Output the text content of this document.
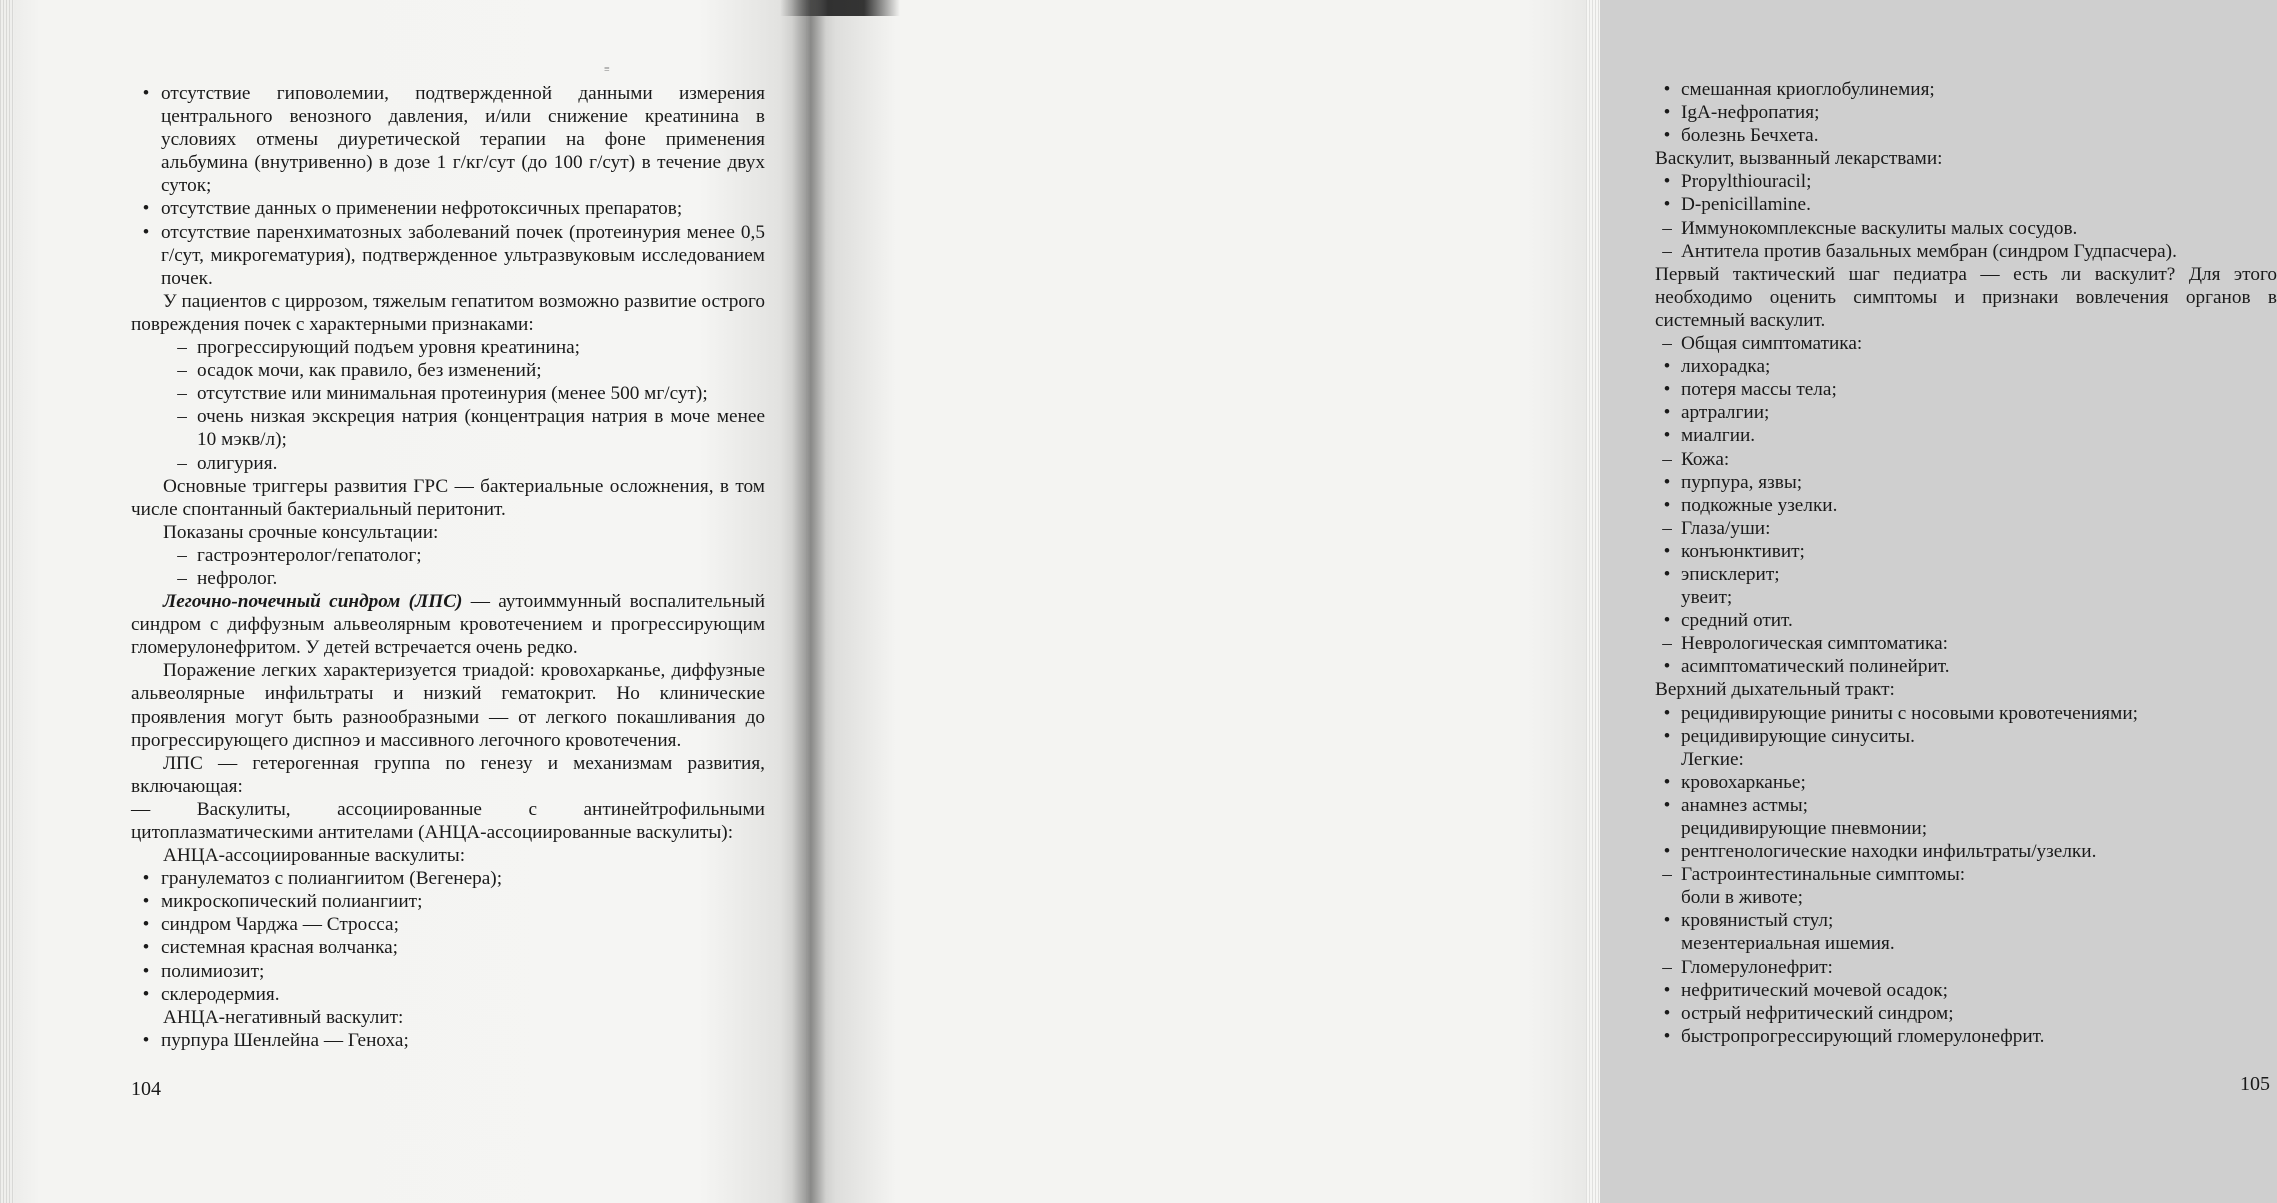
≡
• отсутствие гиповолемии, подтвержденной данными измерения центрального венозного давления, и/или снижение креатинина в условиях отмены диуретической терапии на фоне применения альбумина (внутривенно) в дозе 1 г/кг/сут (до 100 г/сут) в течение двух суток;
• отсутствие данных о применении нефротоксичных препаратов;
• отсутствие паренхиматозных заболеваний почек (протеинурия менее 0,5 г/сут, микрогематурия), подтвержденное ультразвуковым исследованием почек.
У пациентов с циррозом, тяжелым гепатитом возможно развитие острого повреждения почек с характерными признаками:
– прогрессирующий подъем уровня креатинина;
– осадок мочи, как правило, без изменений;
– отсутствие или минимальная протеинурия (менее 500 мг/сут);
– очень низкая экскреция натрия (концентрация натрия в моче менее 10 мэкв/л);
– олигурия.
Основные триггеры развития ГРС — бактериальные осложнения, в том числе спонтанный бактериальный перитонит.
Показаны срочные консультации:
– гастроэнтеролог/гепатолог;
– нефролог.
Легочно-почечный синдром (ЛПС) — аутоиммунный воспалительный синдром с диффузным альвеолярным кровотечением и прогрессирующим гломерулонефритом. У детей встречается очень редко.
Поражение легких характеризуется триадой: кровохарканье, диффузные альвеолярные инфильтраты и низкий гематокрит. Но клинические проявления могут быть разнообразными — от легкого покашливания до прогрессирующего диспноэ и массивного легочного кровотечения.
ЛПС — гетерогенная группа по генезу и механизмам развития, включающая:
— Васкулиты, ассоциированные с антинейтрофильными цитоплазматическими антителами (АНЦА-ассоциированные васкулиты):
АНЦА-ассоциированные васкулиты:
• гранулематоз с полиангиитом (Вегенера);
• микроскопический полиангиит;
• синдром Чарджа — Стросса;
• системная красная волчанка;
• полимиозит;
• склеродермия.
АНЦА-негативный васкулит:
• пурпура Шенлейна — Геноха;
104
• смешанная криоглобулинемия;
• IgA-нефропатия;
• болезнь Бечхета.
Васкулит, вызванный лекарствами:
• Propylthiouracil;
• D-penicillamine.
– Иммунокомплексные васкулиты малых сосудов.
– Антитела против базальных мембран (синдром Гудпасчера).
Первый тактический шаг педиатра — есть ли васкулит? Для этого необходимо оценить симптомы и признаки вовлечения органов в системный васкулит.
– Общая симптоматика:
• лихорадка;
• потеря массы тела;
• артралгии;
• миалгии.
– Кожа:
• пурпура, язвы;
• подкожные узелки.
– Глаза/уши:
• конъюнктивит;
• эписклерит;
увеит;
• средний отит.
– Неврологическая симптоматика:
• асимптоматический полинейрит.
Верхний дыхательный тракт:
• рецидивирующие риниты с носовыми кровотечениями;
• рецидивирующие синуситы.
Легкие:
• кровохарканье;
• анамнез астмы;
рецидивирующие пневмонии;
• рентгенологические находки инфильтраты/узелки.
– Гастроинтестинальные симптомы:
боли в животе;
• кровянистый стул;
мезентериальная ишемия.
– Гломерулонефрит:
• нефритический мочевой осадок;
• острый нефритический синдром;
• быстропрогрессирующий гломерулонефрит.
105
